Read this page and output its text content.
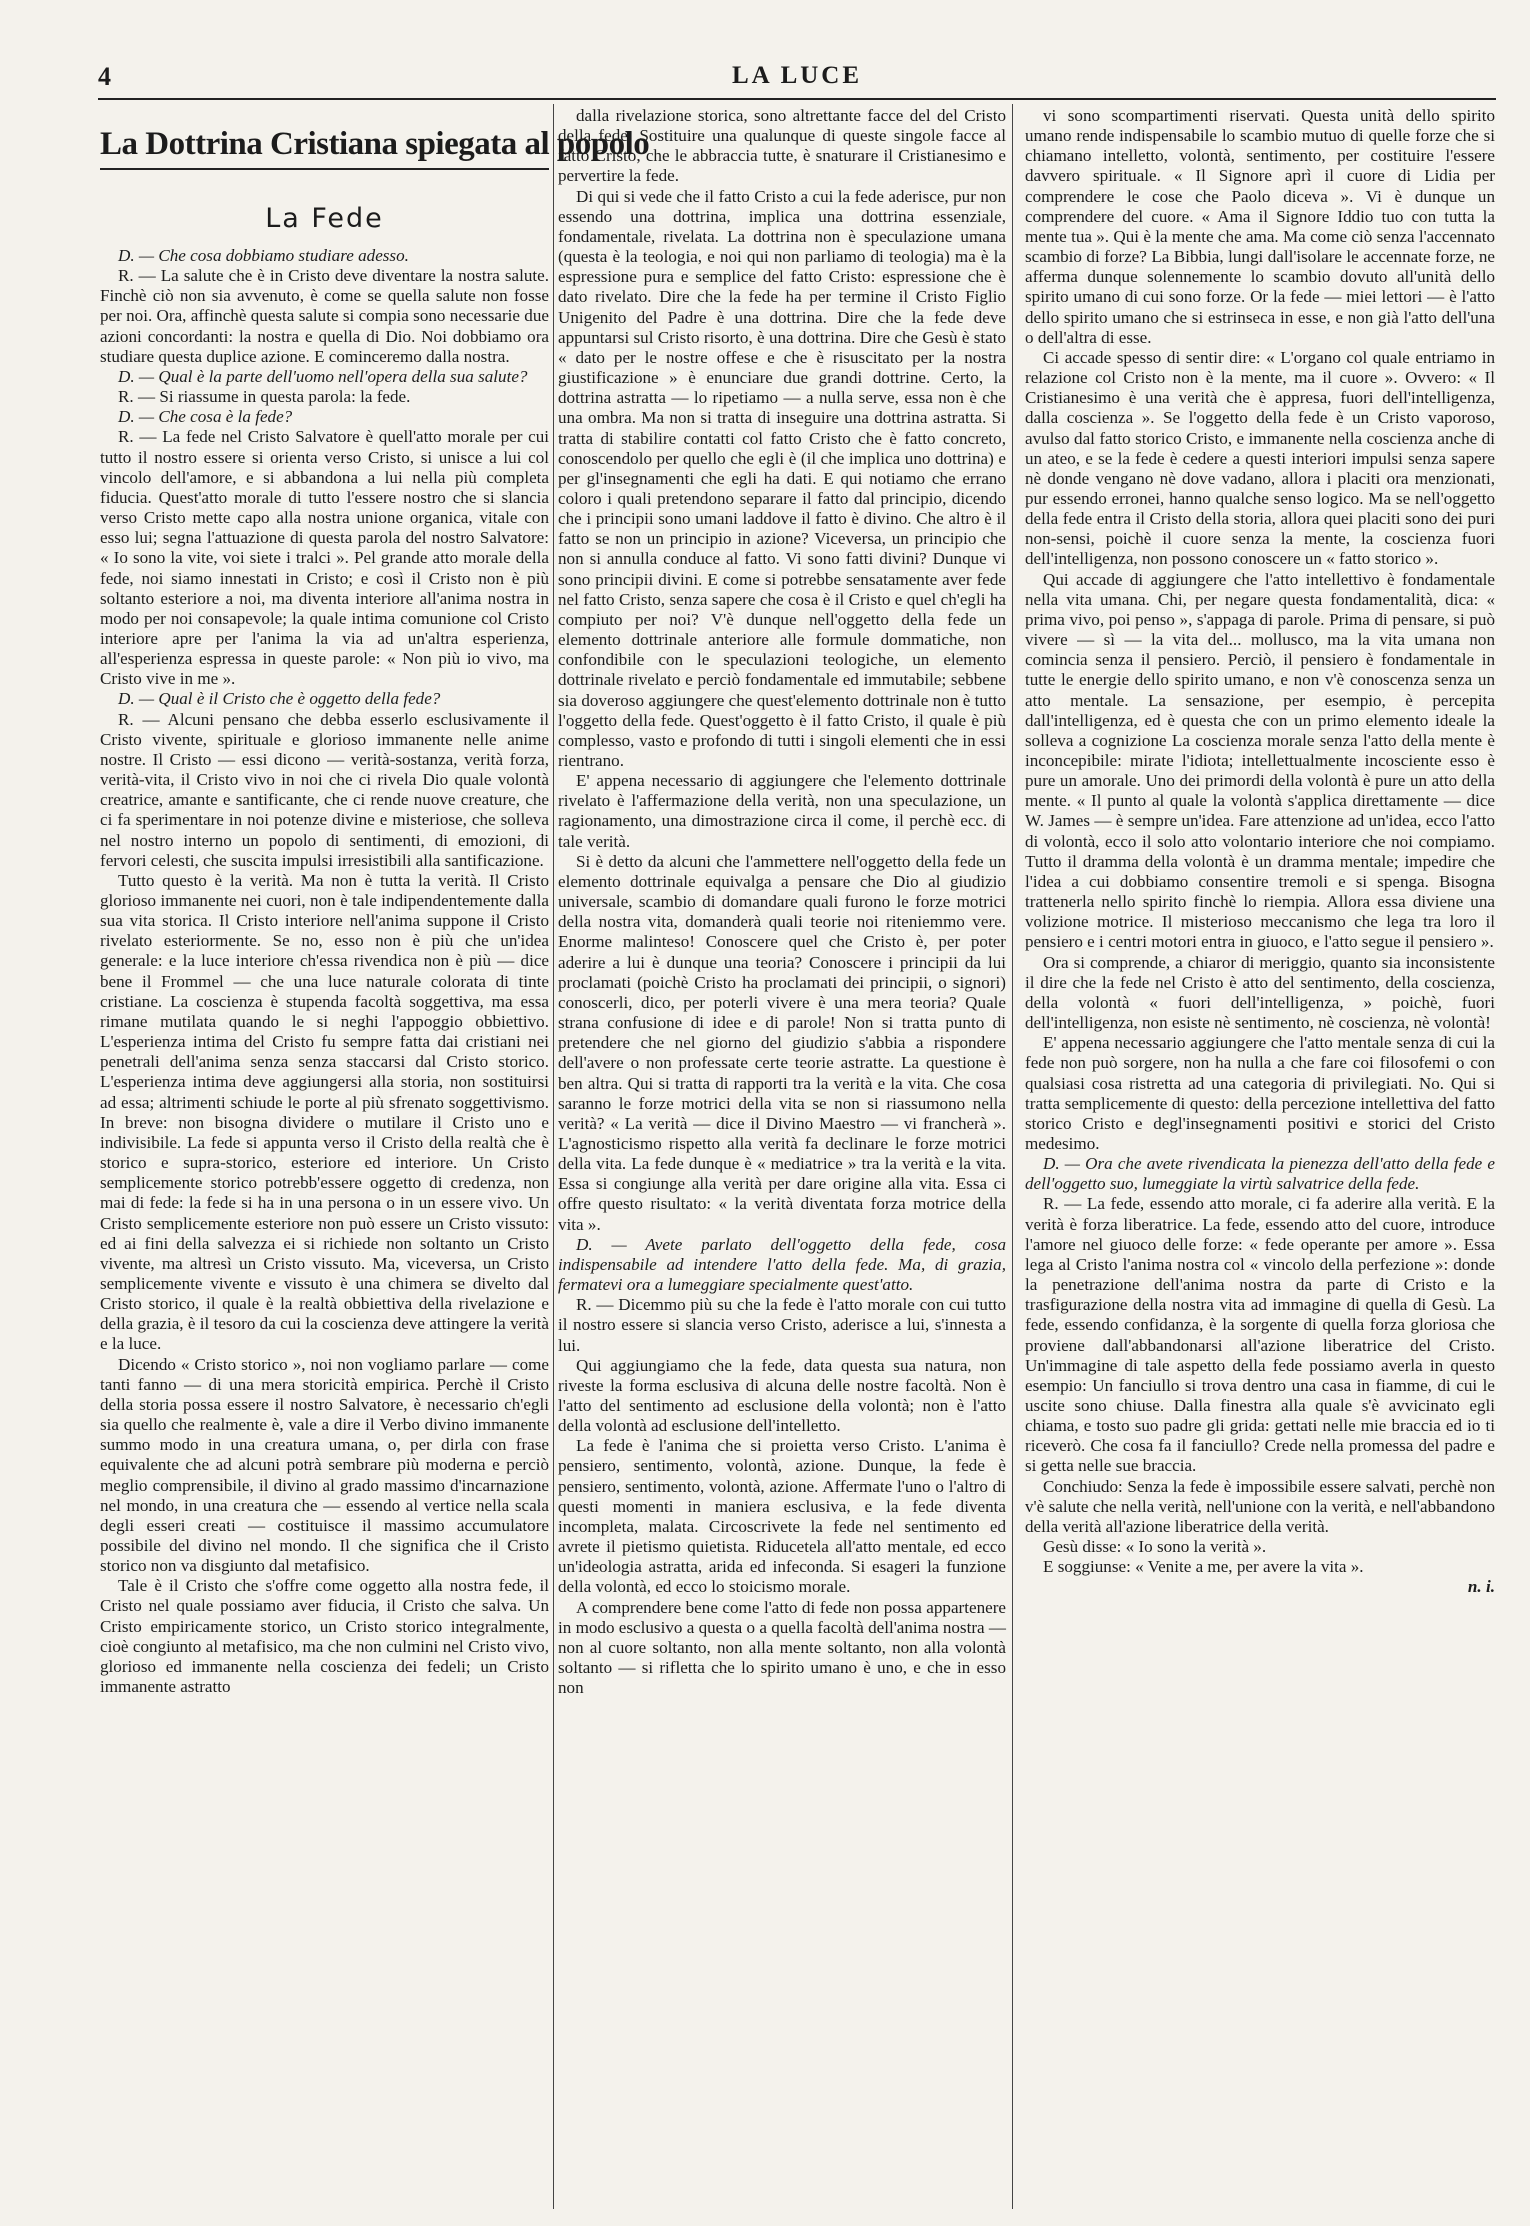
4	LA LUCE
La Dottrina Cristiana spiegata al popolo
La Fede

D. — Che cosa dobbiamo studiare adesso.

R. — La salute che è in Cristo deve diventare la nostra salute. Finchè ciò non sia avvenuto, è come se quella salute non fosse per noi. Ora, affinchè questa salute si compia sono necessarie due azioni concordanti: la nostra e quella di Dio. Noi dobbiamo ora studiare questa duplice azione. E cominceremo dalla nostra.

D. — Qual è la parte dell'uomo nell'opera della sua salute?

R. — Si riassume in questa parola: la fede.

D. — Che cosa è la fede?

R. — La fede nel Cristo Salvatore è quell'atto morale per cui tutto il nostro essere si orienta verso Cristo, si unisce a lui col vincolo dell'amore, e si abbandona a lui nella più completa fiducia. Quest'atto morale di tutto l'essere nostro che si slancia verso Cristo mette capo alla nostra unione organica, vitale con esso lui; segna l'attuazione di questa parola del nostro Salvatore: « Io sono la vite, voi siete i tralci ». Pel grande atto morale della fede, noi siamo innestati in Cristo; e così il Cristo non è più soltanto esteriore a noi, ma diventa interiore all'anima nostra in modo per noi consapevole; la quale intima comunione col Cristo interiore apre per l'anima la via ad un'altra esperienza, all'esperienza espressa in queste parole: « Non più io vivo, ma Cristo vive in me ».

D. — Qual è il Cristo che è oggetto della fede?

R. — Alcuni pensano che debba esserlo esclusivamente il Cristo vivente, spirituale e glorioso immanente nelle anime nostre. Il Cristo — essi dicono — verità-sostanza, verità forza, verità-vita, il Cristo vivo in noi che ci rivela Dio quale volontà creatrice, amante e santificante, che ci rende nuove creature, che ci fa sperimentare in noi potenze divine e misteriose, che solleva nel nostro interno un popolo di sentimenti, di emozioni, di fervori celesti, che suscita impulsi irresistibili alla santificazione.

Tutto questo è la verità. Ma non è tutta la verità. Il Cristo glorioso immanente nei cuori, non è tale indipendentemente dalla sua vita storica. Il Cristo interiore nell'anima suppone il Cristo rivelato esteriormente. Se no, esso non è più che un'idea generale: e la luce interiore ch'essa rivendica non è più — dice bene il Frommel — che una luce naturale colorata di tinte cristiane. La coscienza è stupenda facoltà soggettiva, ma essa rimane mutilata quando le si neghi l'appoggio obbiettivo. L'esperienza intima del Cristo fu sempre fatta dai cristiani nei penetrali dell'anima senza senza staccarsi dal Cristo storico. L'esperienza intima deve aggiungersi alla storia, non sostituirsi ad essa; altrimenti schiude le porte al più sfrenato soggettivismo. In breve: non bisogna dividere o mutilare il Cristo uno e indivisibile. La fede si appunta verso il Cristo della realtà che è storico e supra-storico, esteriore ed interiore. Un Cristo semplicemente storico potrebb'essere oggetto di credenza, non mai di fede: la fede si ha in una persona o in un essere vivo. Un Cristo semplicemente esteriore non può essere un Cristo vissuto: ed ai fini della salvezza ei si richiede non soltanto un Cristo vivente, ma altresì un Cristo vissuto. Ma, viceversa, un Cristo semplicemente vivente e vissuto è una chimera se divelto dal Cristo storico, il quale è la realtà obbiettiva della rivelazione e della grazia, è il tesoro da cui la coscienza deve attingere la verità e la luce.

Dicendo « Cristo storico », noi non vogliamo parlare — come tanti fanno — di una mera storicità empirica. Perchè il Cristo della storia possa essere il nostro Salvatore, è necessario ch'egli sia quello che realmente è, vale a dire il Verbo divino immanente summo modo in una creatura umana, o, per dirla con frase equivalente che ad alcuni potrà sembrare più moderna e perciò meglio comprensibile, il divino al grado massimo d'incarnazione nel mondo, in una creatura che — essendo al vertice nella scala degli esseri creati — costituisce il massimo accumulatore possibile del divino nel mondo. Il che significa che il Cristo storico non va disgiunto dal metafisico.

Tale è il Cristo che s'offre come oggetto alla nostra fede, il Cristo nel quale possiamo aver fiducia, il Cristo che salva. Un Cristo empiricamente storico, un Cristo storico integralmente, cioè congiunto al metafisico, ma che non culmini nel Cristo vivo, glorioso ed immanente nella coscienza dei fedeli; un Cristo immanente astratto

dalla rivelazione storica, sono altrettante facce del del Cristo della fede. Sostituire una qualunque di queste singole facce al fatto Cristo, che le abbraccia tutte, è snaturare il Cristianesimo e pervertire la fede.

Di qui si vede che il fatto Cristo a cui la fede aderisce, pur non essendo una dottrina, implica una dottrina essenziale, fondamentale, rivelata. La dottrina non è speculazione umana (questa è la teologia, e noi qui non parliamo di teologia) ma è la espressione pura e semplice del fatto Cristo: espressione che è dato rivelato. Dire che la fede ha per termine il Cristo Figlio Unigenito del Padre è una dottrina. Dire che la fede deve appuntarsi sul Cristo risorto, è una dottrina. Dire che Gesù è stato « dato per le nostre offese e che è risuscitato per la nostra giustificazione » è enunciare due grandi dottrine. Certo, la dottrina astratta — lo ripetiamo — a nulla serve, essa non è che una ombra. Ma non si tratta di inseguire una dottrina astratta. Si tratta di stabilire contatti col fatto Cristo che è fatto concreto, conoscendolo per quello che egli è (il che implica uno dottrina) e per gl'insegnamenti che egli ha dati. E qui notiamo che errano coloro i quali pretendono separare il fatto dal principio, dicendo che i principii sono umani laddove il fatto è divino. Che altro è il fatto se non un principio in azione? Viceversa, un principio che non si annulla conduce al fatto. Vi sono fatti divini? Dunque vi sono principii divini. E come si potrebbe sensatamente aver fede nel fatto Cristo, senza sapere che cosa è il Cristo e quel ch'egli ha compiuto per noi? V'è dunque nell'oggetto della fede un elemento dottrinale anteriore alle formule dommatiche, non confondibile con le speculazioni teologiche, un elemento dottrinale rivelato e perciò fondamentale ed immutabile; sebbene sia doveroso aggiungere che quest'elemento dottrinale non è tutto l'oggetto della fede. Quest'oggetto è il fatto Cristo, il quale è più complesso, vasto e profondo di tutti i singoli elementi che in essi rientrano.

E' appena necessario di aggiungere che l'elemento dottrinale rivelato è l'affermazione della verità, non una speculazione, un ragionamento, una dimostrazione circa il come, il perchè ecc. di tale verità.

Si è detto da alcuni che l'ammettere nell'oggetto della fede un elemento dottrinale equivalga a pensare che Dio al giudizio universale, scambio di domandare quali furono le forze motrici della nostra vita, domanderà quali teorie noi riteniemmo vere. Enorme malinteso! Conoscere quel che Cristo è, per poter aderire a lui è dunque una teoria? Conoscere i principii da lui proclamati (poichè Cristo ha proclamati dei principii, o signori) conoscerli, dico, per poterli vivere è una mera teoria? Quale strana confusione di idee e di parole! Non si tratta punto di pretendere che nel giorno del giudizio s'abbia a rispondere dell'avere o non professate certe teorie astratte. La questione è ben altra. Qui si tratta di rapporti tra la verità e la vita. Che cosa saranno le forze motrici della vita se non si riassumono nella verità? « La verità — dice il Divino Maestro — vi francherà ». L'agnosticismo rispetto alla verità fa declinare le forze motrici della vita. La fede dunque è « mediatrice » tra la verità e la vita. Essa si congiunge alla verità per dare origine alla vita. Essa ci offre questo risultato: « la verità diventata forza motrice della vita ».

D. — Avete parlato dell'oggetto della fede, cosa indispensabile ad intendere l'atto della fede. Ma, di grazia, fermatevi ora a lumeggiare specialmente quest'atto.

R. — Dicemmo più su che la fede è l'atto morale con cui tutto il nostro essere si slancia verso Cristo, aderisce a lui, s'innesta a lui.

Qui aggiungiamo che la fede, data questa sua natura, non riveste la forma esclusiva di alcuna delle nostre facoltà. Non è l'atto del sentimento ad esclusione della volontà; non è l'atto della volontà ad esclusione dell'intelletto.

La fede è l'anima che si proietta verso Cristo. L'anima è pensiero, sentimento, volontà, azione. Dunque, la fede è pensiero, sentimento, volontà, azione. Affermate l'uno o l'altro di questi momenti in maniera esclusiva, e la fede diventa incompleta, malata. Circoscrivete la fede nel sentimento ed avrete il pietismo quietista. Riducetela all'atto mentale, ed ecco un'ideologia astratta, arida ed infeconda. Si esageri la funzione della volontà, ed ecco lo stoicismo morale.

A comprendere bene come l'atto di fede non possa appartenere in modo esclusivo a questa o a quella facoltà dell'anima nostra — non al cuore soltanto, non alla mente soltanto, non alla volontà soltanto — si rifletta che lo spirito umano è uno, e che in esso non

vi sono scompartimenti riservati. Questa unità dello spirito umano rende indispensabile lo scambio mutuo di quelle forze che si chiamano intelletto, volontà, sentimento, per costituire l'essere davvero spirituale. « Il Signore aprì il cuore di Lidia per comprendere le cose che Paolo diceva ». Vi è dunque un comprendere del cuore. « Ama il Signore Iddio tuo con tutta la mente tua ». Qui è la mente che ama. Ma come ciò senza l'accennato scambio di forze? La Bibbia, lungi dall'isolare le accennate forze, ne afferma dunque solennemente lo scambio dovuto all'unità dello spirito umano di cui sono forze. Or la fede — miei lettori — è l'atto dello spirito umano che si estrinseca in esse, e non già l'atto dell'una o dell'altra di esse.

Ci accade spesso di sentir dire: « L'organo col quale entriamo in relazione col Cristo non è la mente, ma il cuore ». Ovvero: « Il Cristianesimo è una verità che è appresa, fuori dell'intelligenza, dalla coscienza ». Se l'oggetto della fede è un Cristo vaporoso, avulso dal fatto storico Cristo, e immanente nella coscienza anche di un ateo, e se la fede è cedere a questi interiori impulsi senza sapere nè donde vengano nè dove vadano, allora i placiti ora menzionati, pur essendo erronei, hanno qualche senso logico. Ma se nell'oggetto della fede entra il Cristo della storia, allora quei placiti sono dei puri non-sensi, poichè il cuore senza la mente, la coscienza fuori dell'intelligenza, non possono conoscere un « fatto storico ».

Qui accade di aggiungere che l'atto intellettivo è fondamentale nella vita umana. Chi, per negare questa fondamentalità, dica: « prima vivo, poi penso », s'appaga di parole. Prima di pensare, si può vivere — sì — la vita del... mollusco, ma la vita umana non comincia senza il pensiero. Perciò, il pensiero è fondamentale in tutte le energie dello spirito umano, e non v'è conoscenza senza un atto mentale. La sensazione, per esempio, è percepita dall'intelligenza, ed è questa che con un primo elemento ideale la solleva a cognizione La coscienza morale senza l'atto della mente è inconcepibile: mirate l'idiota; intellettualmente incosciente esso è pure un amorale. Uno dei primordi della volontà è pure un atto della mente. « Il punto al quale la volontà s'applica direttamente — dice W. James — è sempre un'idea. Fare attenzione ad un'idea, ecco l'atto di volontà, ecco il solo atto volontario interiore che noi compiamo. Tutto il dramma della volontà è un dramma mentale; impedire che l'idea a cui dobbiamo consentire tremoli e si spenga. Bisogna trattenerla nello spirito finchè lo riempia. Allora essa diviene una volizione motrice. Il misterioso meccanismo che lega tra loro il pensiero e i centri motori entra in giuoco, e l'atto segue il pensiero ».

Ora si comprende, a chiaror di meriggio, quanto sia inconsistente il dire che la fede nel Cristo è atto del sentimento, della coscienza, della volontà « fuori dell'intelligenza, » poichè, fuori dell'intelligenza, non esiste nè sentimento, nè coscienza, nè volontà!

E' appena necessario aggiungere che l'atto mentale senza di cui la fede non può sorgere, non ha nulla a che fare coi filosofemi o con qualsiasi cosa ristretta ad una categoria di privilegiati. No. Qui si tratta semplicemente di questo: della percezione intellettiva del fatto storico Cristo e degl'insegnamenti positivi e storici del Cristo medesimo.

D. — Ora che avete rivendicata la pienezza dell'atto della fede e dell'oggetto suo, lumeggiate la virtù salvatrice della fede.

R. — La fede, essendo atto morale, ci fa aderire alla verità. E la verità è forza liberatrice. La fede, essendo atto del cuore, introduce l'amore nel giuoco delle forze: « fede operante per amore ». Essa lega al Cristo l'anima nostra col « vincolo della perfezione »: donde la penetrazione dell'anima nostra da parte di Cristo e la trasfigurazione della nostra vita ad immagine di quella di Gesù. La fede, essendo confidanza, è la sorgente di quella forza gloriosa che proviene dall'abbandonarsi all'azione liberatrice del Cristo. Un'immagine di tale aspetto della fede possiamo averla in questo esempio: Un fanciullo si trova dentro una casa in fiamme, di cui le uscite sono chiuse. Dalla finestra alla quale s'è avvicinato egli chiama, e tosto suo padre gli grida: gettati nelle mie braccia ed io ti riceverò. Che cosa fa il fanciullo? Crede nella promessa del padre e si getta nelle sue braccia.

Conchiudo: Senza la fede è impossibile essere salvati, perchè non v'è salute che nella verità, nell'unione con la verità, e nell'abbandono della verità all'azione liberatrice della verità.

Gesù disse: « Io sono la verità ».

E soggiunse: « Venite a me, per avere la vita ».

n. i.
